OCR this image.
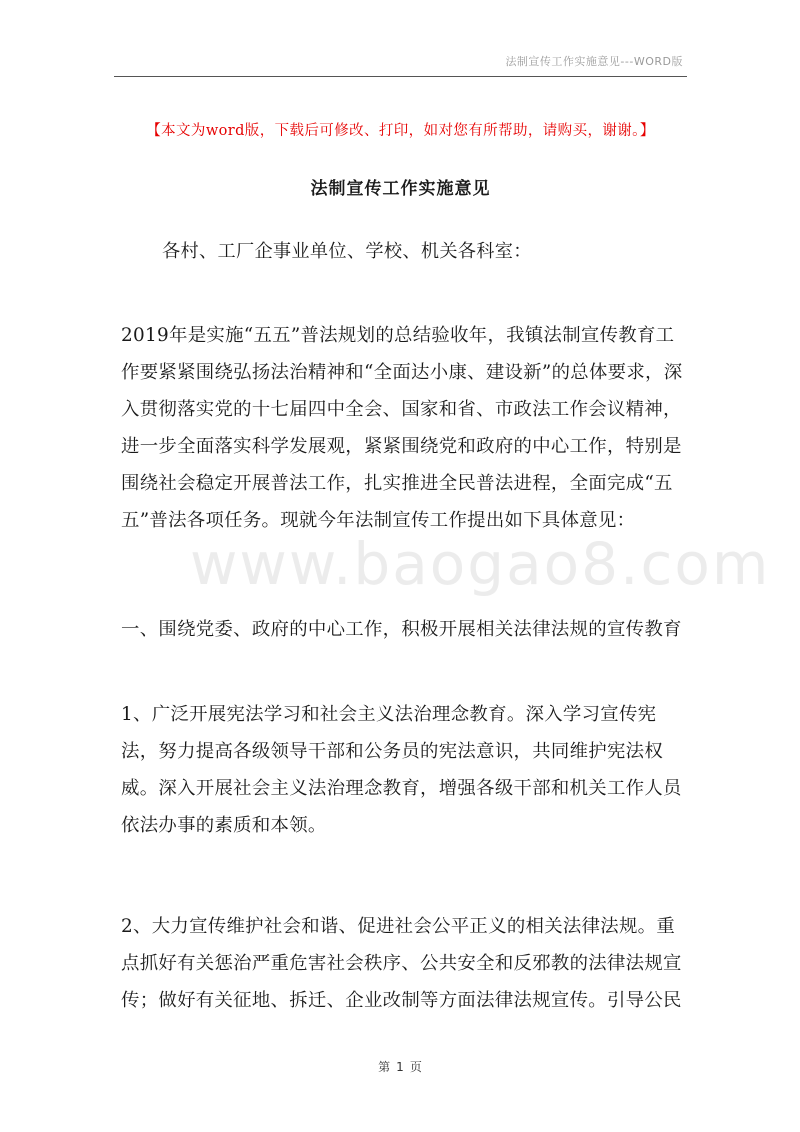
法制宣传工作实施意见---WORD版
www.baogao8.com
【本文为word版，下载后可修改、打印，如对您有所帮助，请购买，谢谢。】
法制宣传工作实施意见
各村、工厂企事业单位、学校、机关各科室：
2019年是实施“五五”普法规划的总结验收年，我镇法制宣传教育工作要紧紧围绕弘扬法治精神和“全面达小康、建设新”的总体要求，深入贯彻落实党的十七届四中全会、国家和省、市政法工作会议精神，进一步全面落实科学发展观，紧紧围绕党和政府的中心工作，特别是围绕社会稳定开展普法工作，扎实推进全民普法进程，全面完成“五五”普法各项任务。现就今年法制宣传工作提出如下具体意见：
一、围绕党委、政府的中心工作，积极开展相关法律法规的宣传教育
1、广泛开展宪法学习和社会主义法治理念教育。深入学习宣传宪法，努力提高各级领导干部和公务员的宪法意识，共同维护宪法权威。深入开展社会主义法治理念教育，增强各级干部和机关工作人员依法办事的素质和本领。
2、大力宣传维护社会和谐、促进社会公平正义的相关法律法规。重点抓好有关惩治严重危害社会秩序、公共安全和反邪教的法律法规宣传；做好有关征地、拆迁、企业改制等方面法律法规宣传。引导公民
第 1 页
